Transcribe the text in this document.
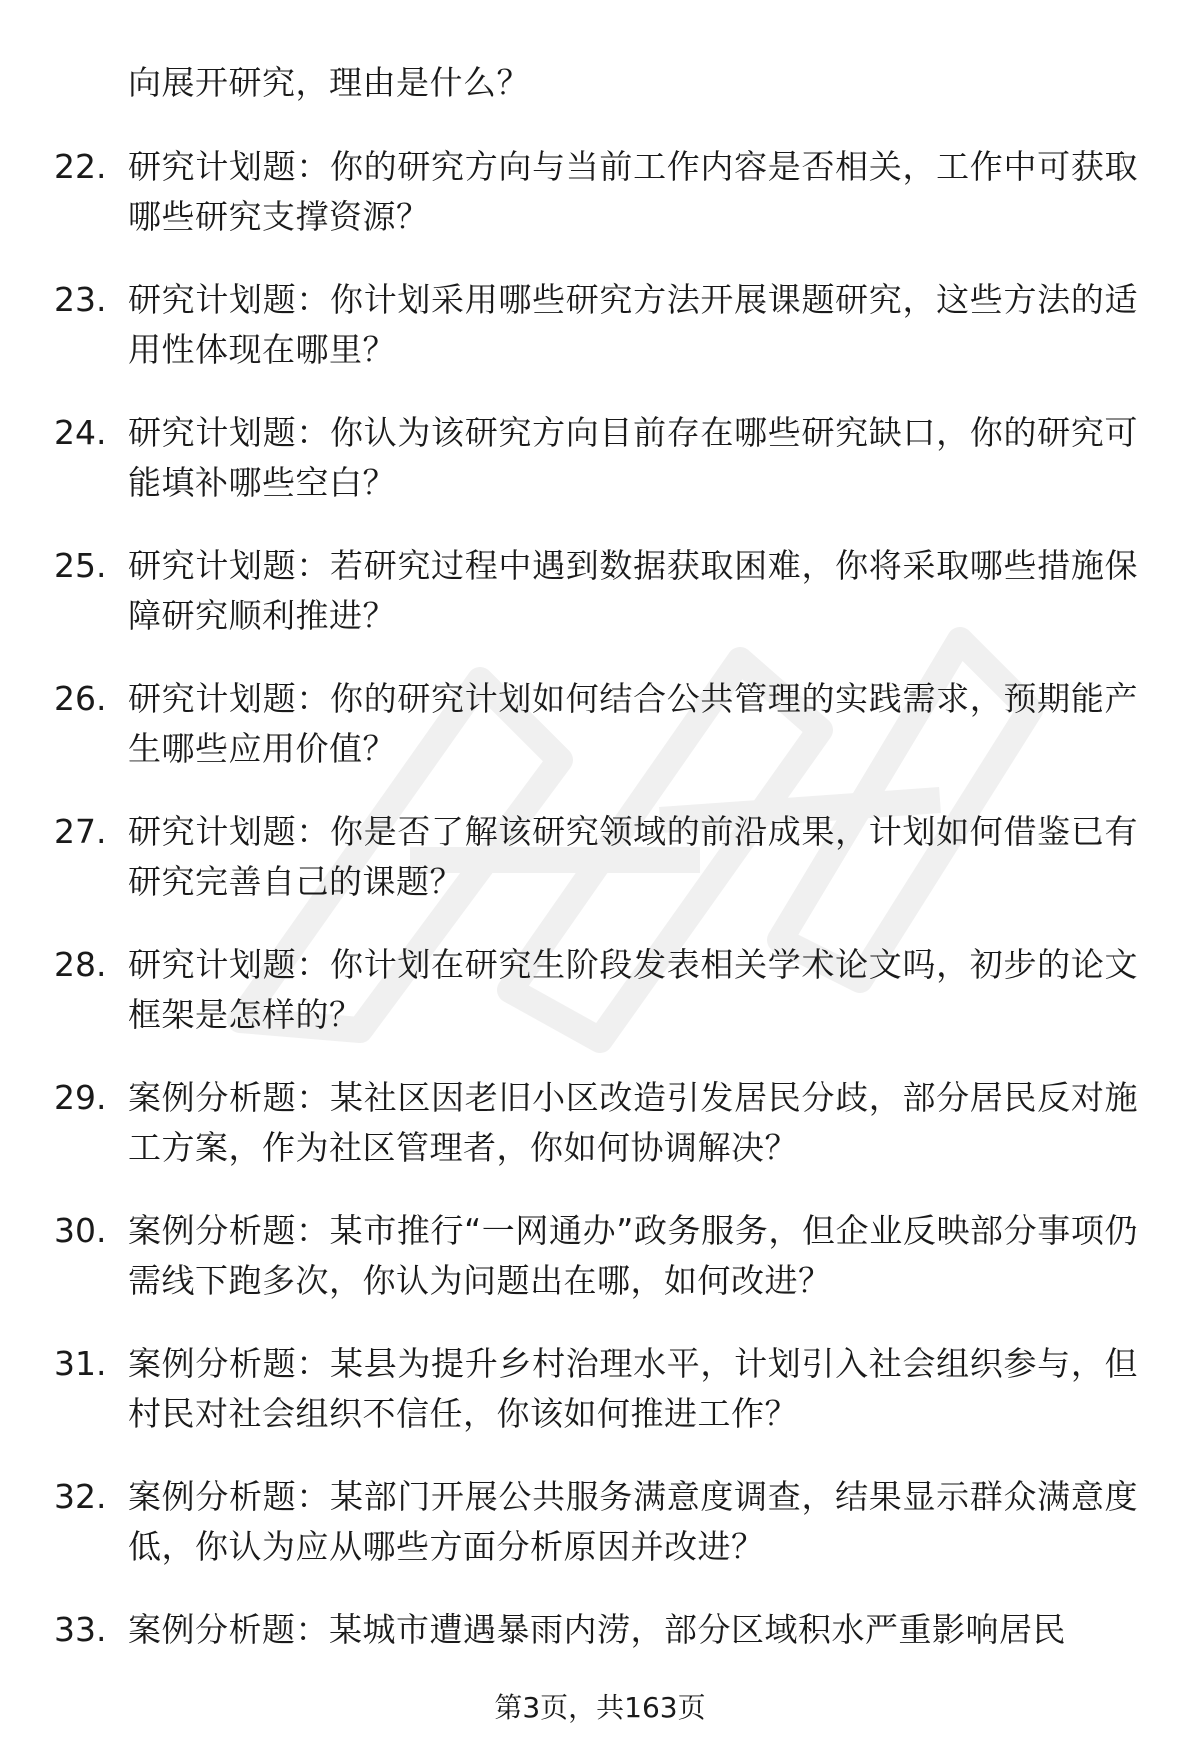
向展开研究，理由是什么？
22. 研究计划题：你的研究方向与当前工作内容是否相关，工作中可获取哪些研究支撑资源？
23. 研究计划题：你计划采用哪些研究方法开展课题研究，这些方法的适用性体现在哪里？
24. 研究计划题：你认为该研究方向目前存在哪些研究缺口，你的研究可能填补哪些空白？
25. 研究计划题：若研究过程中遇到数据获取困难，你将采取哪些措施保障研究顺利推进？
26. 研究计划题：你的研究计划如何结合公共管理的实践需求，预期能产生哪些应用价值？
27. 研究计划题：你是否了解该研究领域的前沿成果，计划如何借鉴已有研究完善自己的课题？
28. 研究计划题：你计划在研究生阶段发表相关学术论文吗，初步的论文框架是怎样的？
29. 案例分析题：某社区因老旧小区改造引发居民分歧，部分居民反对施工方案，作为社区管理者，你如何协调解决？
30. 案例分析题：某市推行“一网通办”政务服务，但企业反映部分事项仍需线下跑多次，你认为问题出在哪，如何改进？
31. 案例分析题：某县为提升乡村治理水平，计划引入社会组织参与，但村民对社会组织不信任，你该如何推进工作？
32. 案例分析题：某部门开展公共服务满意度调查，结果显示群众满意度低，你认为应从哪些方面分析原因并改进？
33. 案例分析题：某城市遭遇暴雨内涝，部分区域积水严重影响居民
第3页，共163页
